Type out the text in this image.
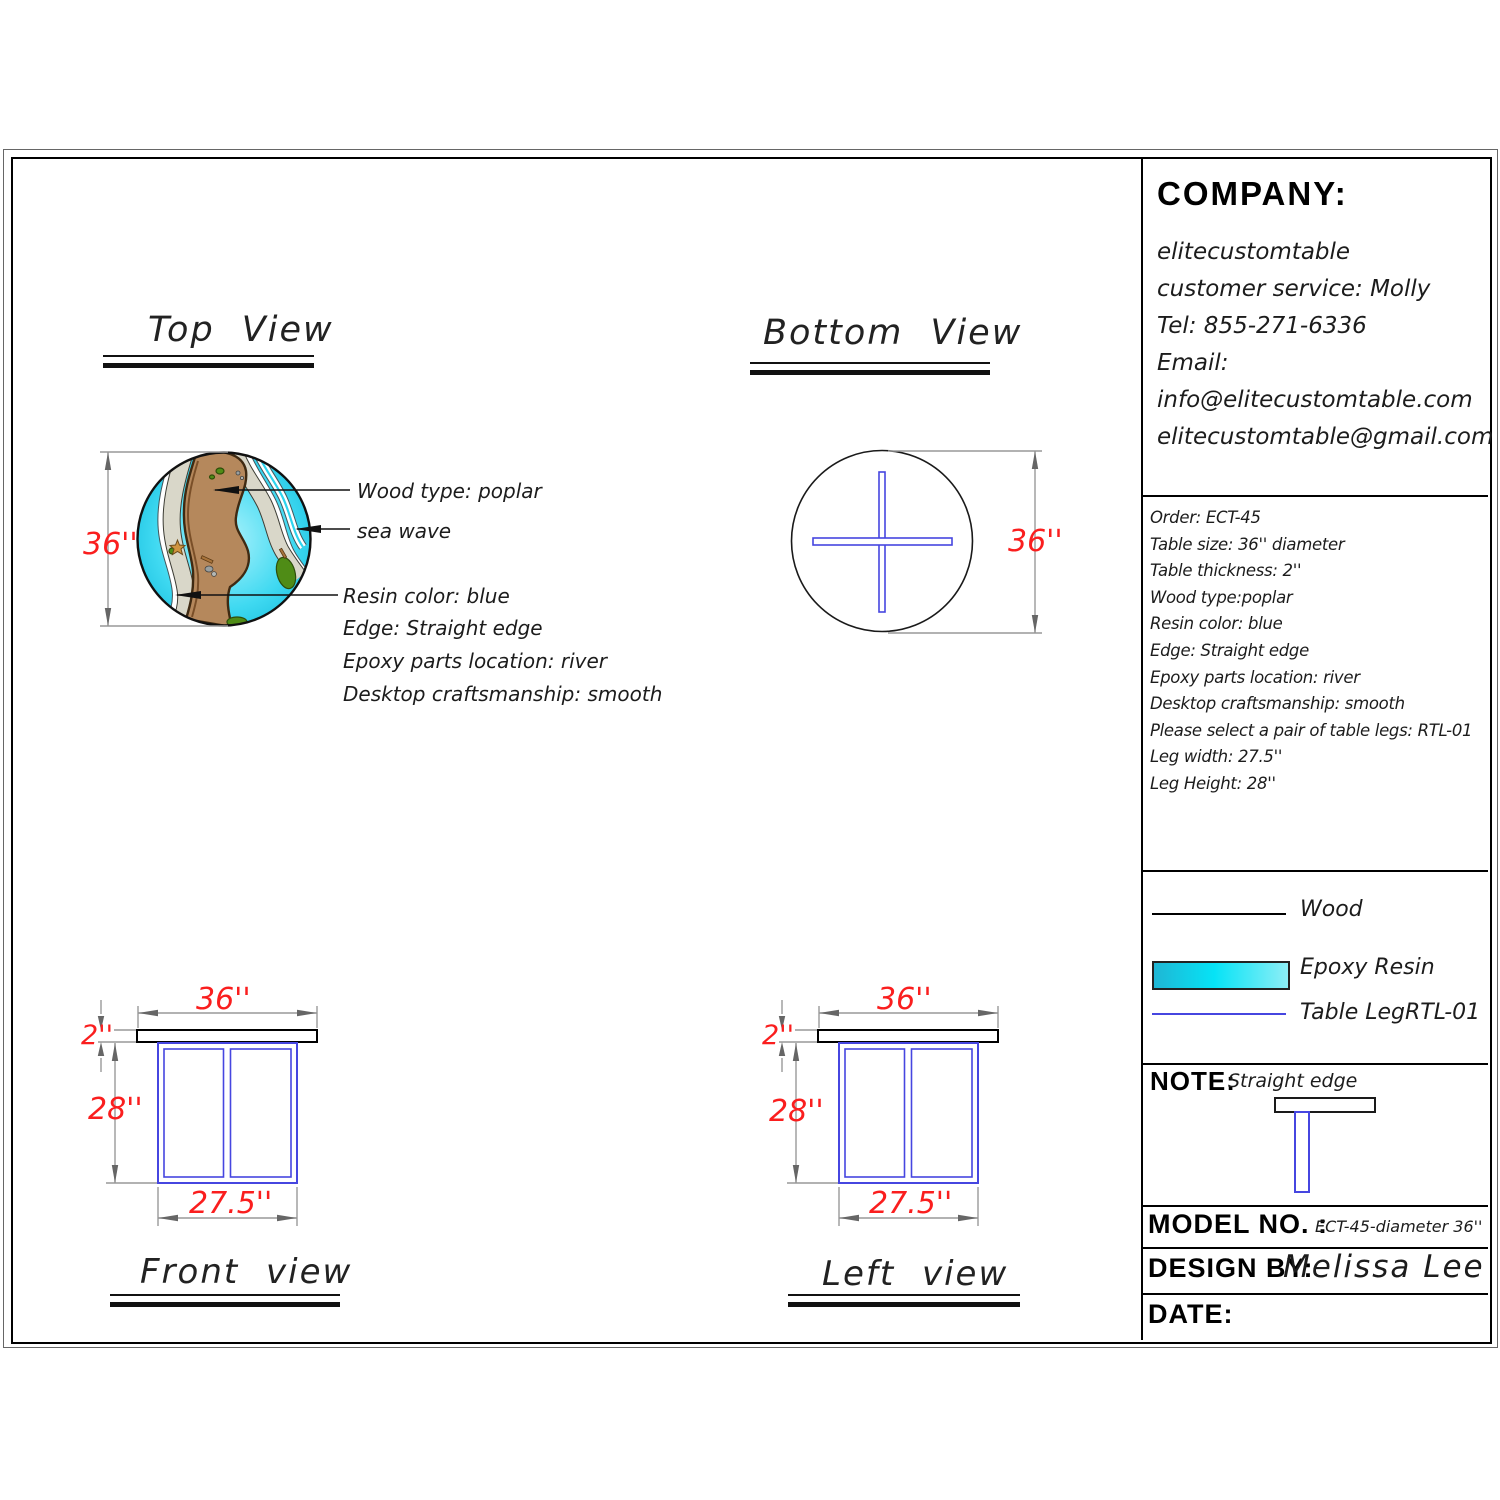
Top View
36''
Wood type: poplar
sea wave
Resin color: blue
Edge: Straight edge
Epoxy parts location: river
Desktop craftsmanship: smooth
Bottom View
36''
36''
2''
28''
27.5''
Front view
36''
2''
28''
27.5''
Left view
COMPANY:
elitecustomtable
customer service: Molly
Tel: 855-271-6336
Email:
info@elitecustomtable.com
elitecustomtable@gmail.com
Order: ECT-45
Table size: 36'' diameter
Table thickness: 2''
Wood type:poplar
Resin color: blue
Edge: Straight edge
Epoxy parts location: river
Desktop craftsmanship: smooth
Please select a pair of table legs: RTL-01
Leg width: 27.5''
Leg Height: 28''
Wood
Epoxy Resin
Table LegRTL-01
NOTE:
Straight edge
MODEL NO. :
ECT-45-diameter 36''
DESIGN BY:
Melissa Lee
DATE:
